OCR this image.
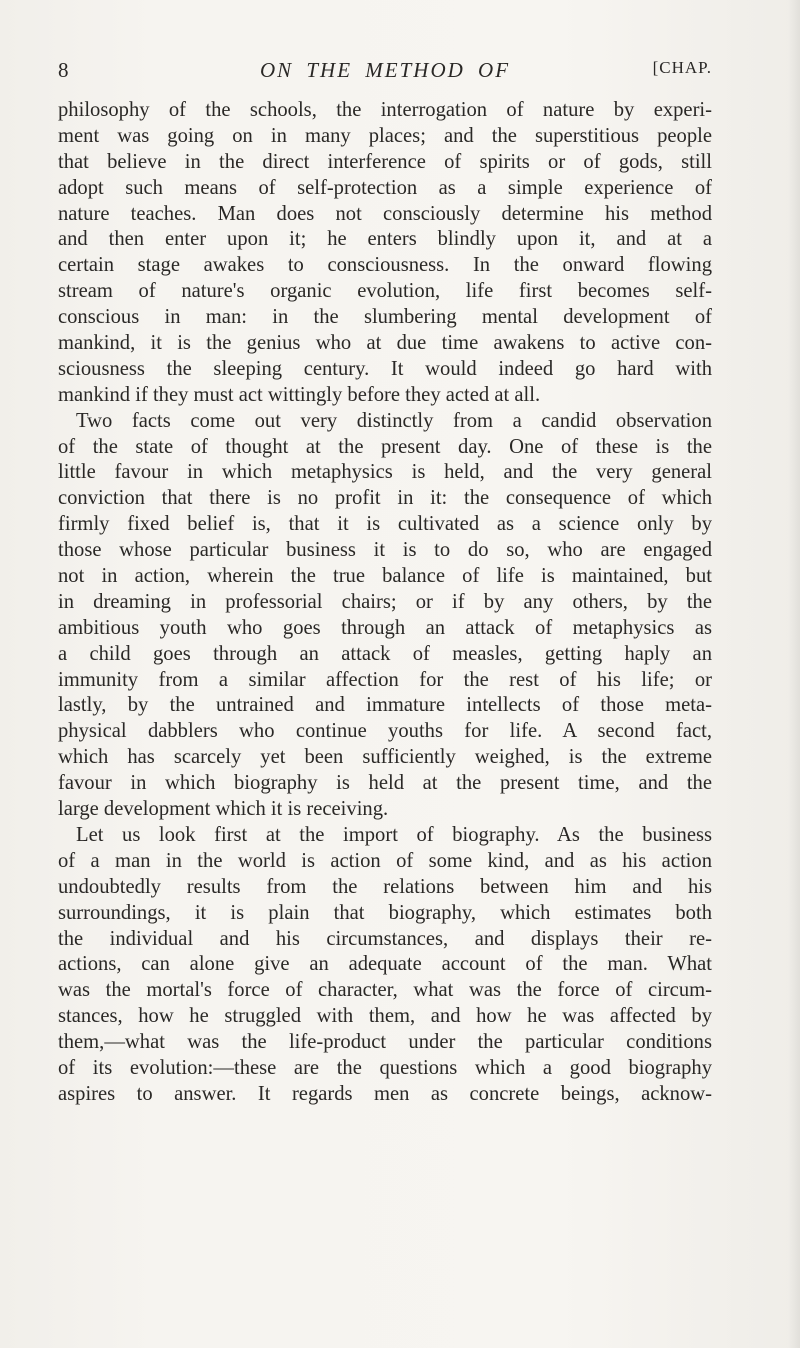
8	ON THE METHOD OF	[CHAP.
philosophy of the schools, the interrogation of nature by experi-
ment was going on in many places; and the superstitious people
that believe in the direct interference of spirits or of gods, still
adopt such means of self-protection as a simple experience of
nature teaches. Man does not consciously determine his method
and then enter upon it; he enters blindly upon it, and at a
certain stage awakes to consciousness. In the onward flowing
stream of nature's organic evolution, life first becomes self-
conscious in man: in the slumbering mental development of
mankind, it is the genius who at due time awakens to active con-
sciousness the sleeping century. It would indeed go hard with
mankind if they must act wittingly before they acted at all.
Two facts come out very distinctly from a candid observation
of the state of thought at the present day. One of these is the
little favour in which metaphysics is held, and the very general
conviction that there is no profit in it: the consequence of which
firmly fixed belief is, that it is cultivated as a science only by
those whose particular business it is to do so, who are engaged
not in action, wherein the true balance of life is maintained, but
in dreaming in professorial chairs; or if by any others, by the
ambitious youth who goes through an attack of metaphysics as
a child goes through an attack of measles, getting haply an
immunity from a similar affection for the rest of his life; or
lastly, by the untrained and immature intellects of those meta-
physical dabblers who continue youths for life. A second fact,
which has scarcely yet been sufficiently weighed, is the extreme
favour in which biography is held at the present time, and the
large development which it is receiving.
Let us look first at the import of biography. As the business
of a man in the world is action of some kind, and as his action
undoubtedly results from the relations between him and his
surroundings, it is plain that biography, which estimates both
the individual and his circumstances, and displays their re-
actions, can alone give an adequate account of the man. What
was the mortal's force of character, what was the force of circum-
stances, how he struggled with them, and how he was affected by
them,—what was the life-product under the particular conditions
of its evolution:—these are the questions which a good biography
aspires to answer. It regards men as concrete beings, acknow-
